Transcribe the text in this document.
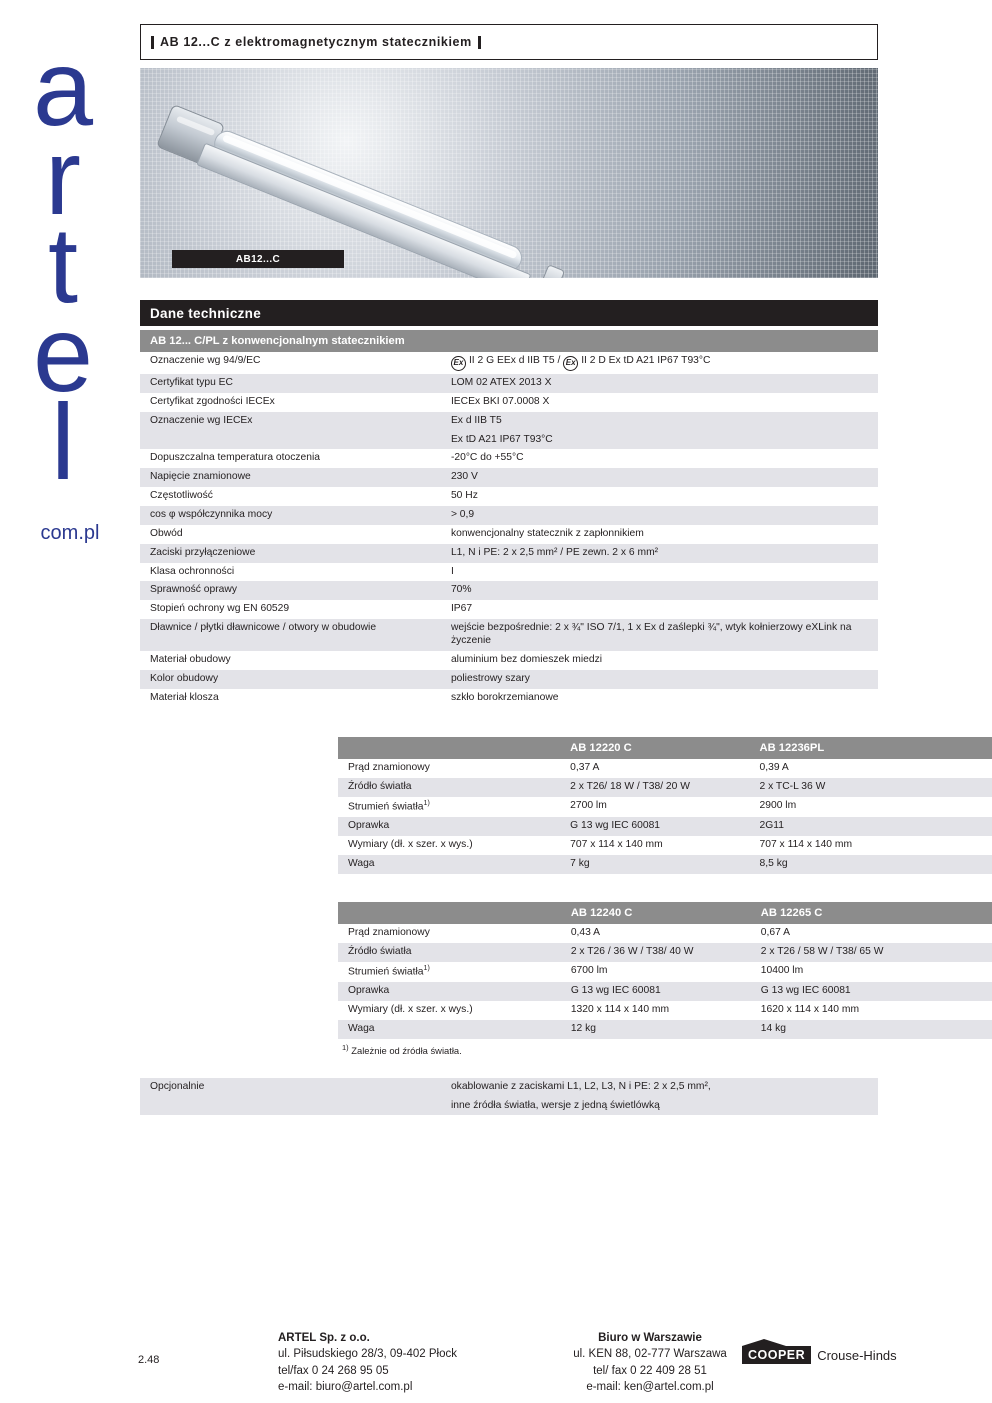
a
r
t
e
l
com.pl
AB 12...C z elektromagnetycznym statecznikiem
AB12...C
Dane techniczne
AB 12... C/PL z konwencjonalnym statecznikiem	
Oznaczenie wg 94/9/EC	Ex II 2 G EEx d IIB T5 / Ex II 2 D Ex tD A21 IP67 T93°C
Certyfikat typu EC	LOM 02 ATEX 2013 X
Certyfikat zgodności IECEx	IECEx BKI 07.0008 X
Oznaczenie wg IECEx	Ex d IIB T5
	Ex tD A21 IP67 T93°C
Dopuszczalna temperatura otoczenia	-20°C do +55°C
Napięcie znamionowe	230 V
Częstotliwość	50 Hz
cos φ współczynnika mocy	> 0,9
Obwód	konwencjonalny statecznik z zapłonnikiem
Zaciski przyłączeniowe	L1, N i PE: 2 x 2,5 mm² / PE zewn. 2 x 6 mm²
Klasa ochronności	I
Sprawność oprawy	70%
Stopień ochrony wg EN 60529	IP67
Dławnice / płytki dławnicowe / otwory w obudowie	wejście bezpośrednie: 2 x ¾" ISO 7/1, 1 x Ex d zaślepki ¾", wtyk kołnierzowy eXLink na życzenie
Materiał obudowy	aluminium bez domieszek miedzi
Kolor obudowy	poliestrowy szary
Materiał klosza	szkło borokrzemianowe
	AB 12220 C	AB 12236PL
Prąd znamionowy	0,37 A	0,39 A
Źródło światła	2 x T26/ 18 W / T38/ 20 W	2 x TC-L 36 W
Strumień światła$^{1)}$	2700 lm	2900 lm
Oprawka	G 13 wg IEC 60081	2G11
Wymiary (dł. x szer. x wys.)	707 x 114 x 140 mm	707 x 114 x 140 mm
Waga	7 kg	8,5 kg
	AB 12240 C	AB 12265 C
Prąd znamionowy	0,43 A	0,67 A
Źródło światła	2 x T26 / 36 W / T38/ 40 W	2 x T26 / 58 W / T38/ 65 W
Strumień światła$^{1)}$	6700 lm	10400 lm
Oprawka	G 13 wg IEC 60081	G 13 wg IEC 60081
Wymiary (dł. x szer. x wys.)	1320 x 114 x 140 mm	1620 x 114 x 140 mm
Waga	12 kg	14 kg
$^{1)}$ Zależnie od źródła światła.
Opcjonalnie	okablowanie z zaciskami L1, L2, L3, N i PE: 2 x 2,5 mm²,
	inne źródła światła, wersje z jedną świetlówką
2.48
ARTEL Sp. z o.o.
ul. Piłsudskiego 28/3, 09-402 Płock
tel/fax 0 24 268 95 05
e-mail: biuro@artel.com.pl
Biuro w Warszawie
ul. KEN 88, 02-777 Warszawa
tel/ fax 0 22 409 28 51
e-mail: ken@artel.com.pl
COOPER Crouse-Hinds
